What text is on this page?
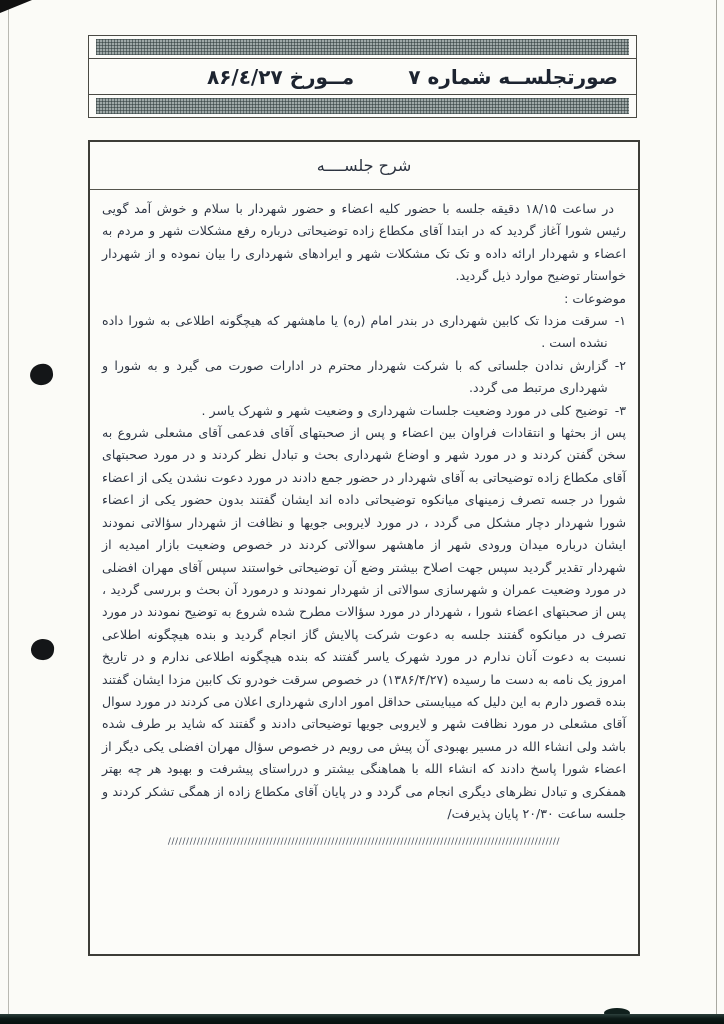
صورتجلســه شماره ۷
مــورخ ۸۶/٤/۲۷
شرح جلســــه

در ساعت ۱۸/۱۵ دقیقه جلسه با حضور کلیه اعضاء و حضور شهردار با سلام و خوش آمد گویی رئیس شورا آغاز گردید که در ابتدا آقای مکطاع زاده توضیحاتی درباره رفع مشکلات شهر و مردم به اعضاء و شهردار ارائه داده و تک تک مشکلات شهر و ایرادهای شهرداری را بیان نموده و از شهردار خواستار توضیح موارد ذیل گردید.

موضوعات :

۱-
سرقت مزدا تک کابین شهرداری در بندر امام (ره) یا ماهشهر که هیچگونه اطلاعی به شورا داده نشده است .
۲-
گزارش ندادن جلساتی که با شرکت شهردار محترم در ادارات صورت می گیرد و به شورا و شهرداری مرتبط می گردد.
۳-
توضیح کلی در مورد وضعیت جلسات شهرداری و وضعیت شهر و شهرک یاسر .

پس از بحثها و انتقادات فراوان بین اعضاء و پس از صحبتهای آقای فدعمی آقای مشعلی شروع به سخن گفتن کردند و در مورد شهر و اوضاع شهرداری بحث و تبادل نظر کردند و در مورد صحبتهای آقای مکطاع زاده توضیحاتی به آقای شهردار در حضور جمع دادند در مورد دعوت نشدن یکی از اعضاء شورا در جسه تصرف زمینهای میانکوه توضیحاتی داده اند ایشان گفتند بدون حضور یکی از اعضاء شورا شهردار دچار مشکل می گردد ، در مورد لایروبی جویها و نظافت از شهردار سؤالاتی نمودند ایشان درباره میدان ورودی شهر از ماهشهر سوالاتی کردند در خصوص وضعیت بازار امیدیه از شهردار تقدیر گردید سپس جهت اصلاح بیشتر وضع آن توضیحاتی خواستند سپس آقای مهران افضلی در مورد وضعیت عمران و شهرسازی سوالاتی از شهردار نمودند و درمورد آن بحث و بررسی گردید ، پس از صحبتهای اعضاء شورا ، شهردار در مورد سؤالات مطرح شده شروع به توضیح نمودند در مورد تصرف در میانکوه گفتند جلسه به دعوت شرکت پالایش گاز انجام گردید و بنده هیچگونه اطلاعی نسبت به دعوت آنان ندارم در مورد شهرک یاسر گفتند که بنده هیچگونه اطلاعی ندارم و در تاریخ امروز یک نامه به دست ما رسیده (۱۳۸۶/۴/۲۷) در خصوص سرقت خودرو تک کابین مزدا ایشان گفتند بنده قصور دارم به این دلیل که میبایستی حداقل امور اداری شهرداری اعلان می کردند در مورد سوال آقای مشعلی در مورد نظافت شهر و لایروبی جویها توضیحاتی دادند و گفتند که شاید بر طرف شده باشد ولی انشاء الله در مسیر بهبودی آن پیش می رویم در خصوص سؤال مهران افضلی یکی دیگر از اعضاء شورا پاسخ دادند که انشاء الله با هماهنگی بیشتر و درراستای پیشرفت و بهبود هر چه بهتر همفکری و تبادل نظرهای دیگری انجام می گردد و در پایان آقای مکطاع زاده از همگی تشکر کردند و جلسه ساعت ۲۰/۳۰ پایان پذیرفت/

////////////////////////////////////////////////////////////////////////////////////////////////////////////
